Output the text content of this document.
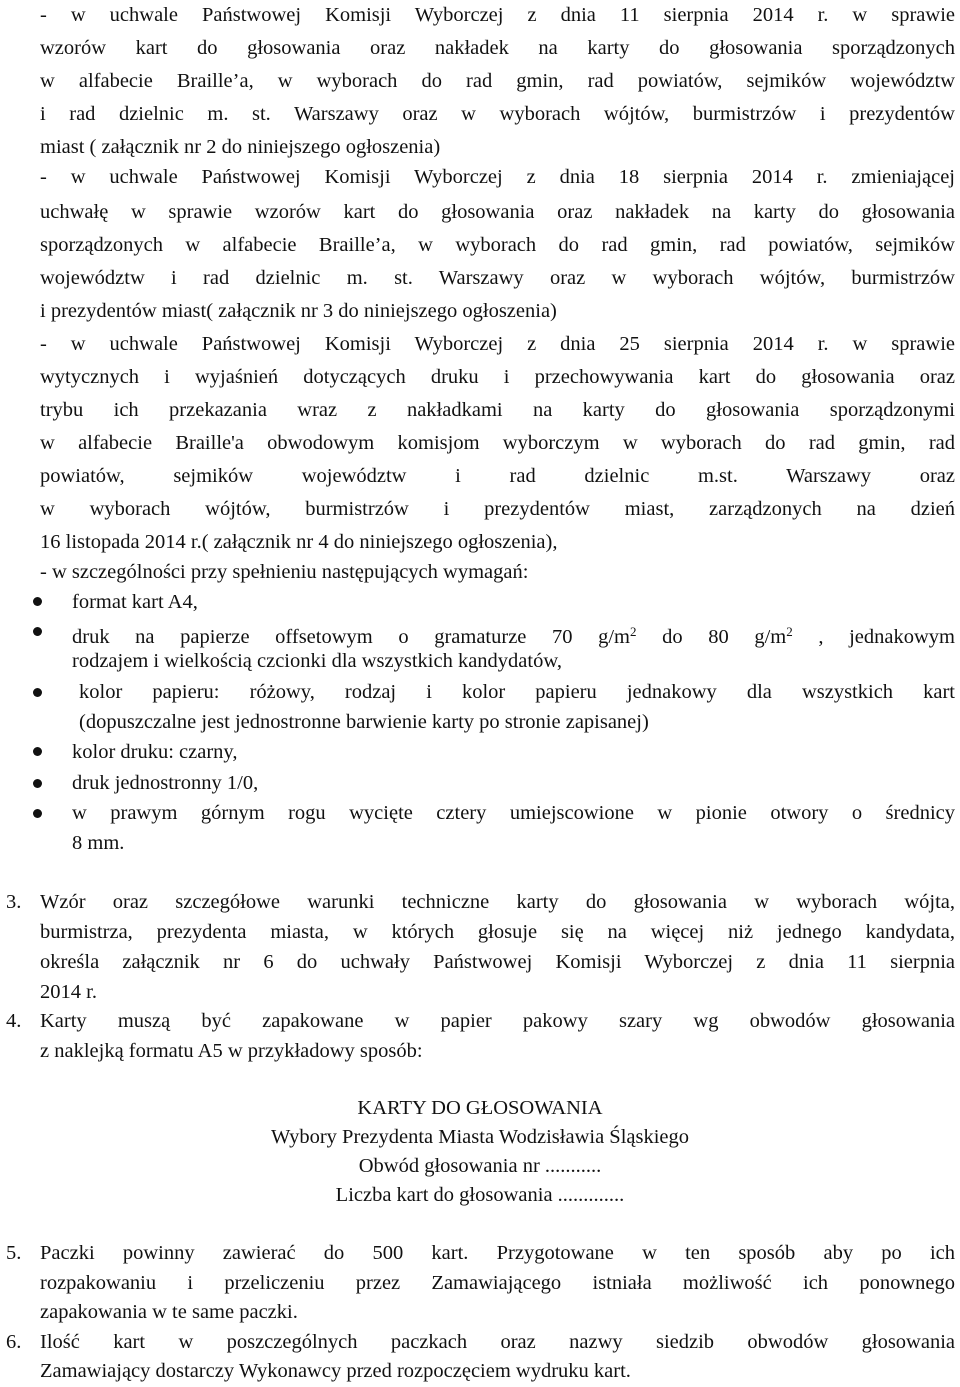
- w uchwale Państwowej Komisji Wyborczej z dnia 11 sierpnia 2014 r. w sprawie
wzorów kart do głosowania oraz nakładek na karty do głosowania sporządzonych
w alfabecie Braille’a, w wyborach do rad gmin, rad powiatów, sejmików województw
i rad dzielnic m. st. Warszawy oraz w wyborach wójtów, burmistrzów i prezydentów
miast ( załącznik nr 2 do niniejszego ogłoszenia)
- w uchwale Państwowej Komisji Wyborczej z dnia 18 sierpnia 2014 r. zmieniającej
uchwałę w sprawie wzorów kart do głosowania oraz nakładek na karty do głosowania
sporządzonych w alfabecie Braille’a, w wyborach do rad gmin, rad powiatów, sejmików
województw i rad dzielnic m. st. Warszawy oraz w wyborach wójtów, burmistrzów
i prezydentów miast( załącznik nr 3 do niniejszego ogłoszenia)
- w uchwale Państwowej Komisji Wyborczej z dnia 25 sierpnia 2014 r. w sprawie
wytycznych i wyjaśnień dotyczących druku i przechowywania kart do głosowania oraz
trybu ich przekazania wraz z nakładkami na karty do głosowania sporządzonymi
w alfabecie Braille'a obwodowym komisjom wyborczym w wyborach do rad gmin, rad
powiatów, sejmików województw i rad dzielnic m.st. Warszawy oraz
w wyborach wójtów, burmistrzów i prezydentów miast, zarządzonych na dzień
16 listopada 2014 r.( załącznik nr 4 do niniejszego ogłoszenia),
- w szczególności przy spełnieniu następujących wymagań:
format kart A4,
druk na papierze offsetowym o gramaturze 70 $g/m^2$ do 80 $g/m^2$ , jednakowym
rodzajem i wielkością czcionki dla wszystkich kandydatów,
kolor papieru: różowy, rodzaj i kolor papieru jednakowy dla wszystkich kart
(dopuszczalne jest jednostronne barwienie karty po stronie zapisanej)
kolor druku: czarny,
druk jednostronny 1/0,
w prawym górnym rogu wycięte cztery umiejscowione w pionie otwory o średnicy
8 mm.
3. Wzór oraz szczegółowe warunki techniczne karty do głosowania w wyborach wójta,
burmistrza, prezydenta miasta, w których głosuje się na więcej niż jednego kandydata,
określa załącznik nr 6 do uchwały Państwowej Komisji Wyborczej z dnia 11 sierpnia
2014 r.
4. Karty muszą być zapakowane w papier pakowy szary wg obwodów głosowania
z naklejką formatu A5 w przykładowy sposób:
KARTY DO GŁOSOWANIA
Wybory Prezydenta Miasta Wodzisławia Śląskiego
Obwód głosowania nr ...........
Liczba kart do głosowania .............
5. Paczki powinny zawierać do 500 kart. Przygotowane w ten sposób aby po ich
rozpakowaniu i przeliczeniu przez Zamawiającego istniała możliwość ich ponownego
zapakowania w te same paczki.
6. Ilość kart w poszczególnych paczkach oraz nazwy siedzib obwodów głosowania
Zamawiający dostarczy Wykonawcy przed rozpoczęciem wydruku kart.
